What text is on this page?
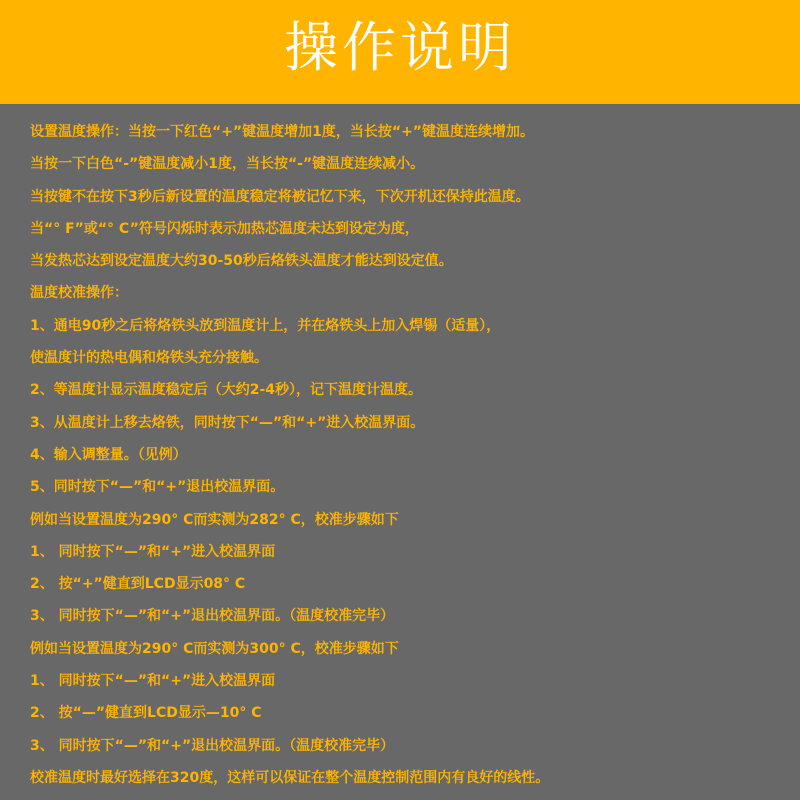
操作说明
设置温度操作：当按一下红色“+”键温度增加1度，当长按“+”键温度连续增加。
当按一下白色“-”键温度减小1度，当长按“-”键温度连续减小。
当按键不在按下3秒后新设置的温度稳定将被记忆下来，下次开机还保持此温度。
当“° F”或“° C”符号闪烁时表示加热芯温度未达到设定为度，
当发热芯达到设定温度大约30-50秒后烙铁头温度才能达到设定值。
温度校准操作：
1、通电90秒之后将烙铁头放到温度计上，并在烙铁头上加入焊锡（适量），
使温度计的热电偶和烙铁头充分接触。
2、等温度计显示温度稳定后（大约2-4秒），记下温度计温度。
3、从温度计上移去烙铁，同时按下“—”和“+”进入校温界面。
4、输入调整量。（见例）
5、同时按下“—”和“+”退出校温界面。
例如当设置温度为290° C而实测为282° C，校准步骤如下
1、 同时按下“—”和“+”进入校温界面
2、 按“+”健直到LCD显示08° C
3、 同时按下“—”和“+”退出校温界面。（温度校准完毕）
例如当设置温度为290° C而实测为300° C，校准步骤如下
1、 同时按下“—”和“+”进入校温界面
2、 按“—”健直到LCD显示—10° C
3、 同时按下“—”和“+”退出校温界面。（温度校准完毕）
校准温度时最好选择在320度，这样可以保证在整个温度控制范围内有良好的线性。
